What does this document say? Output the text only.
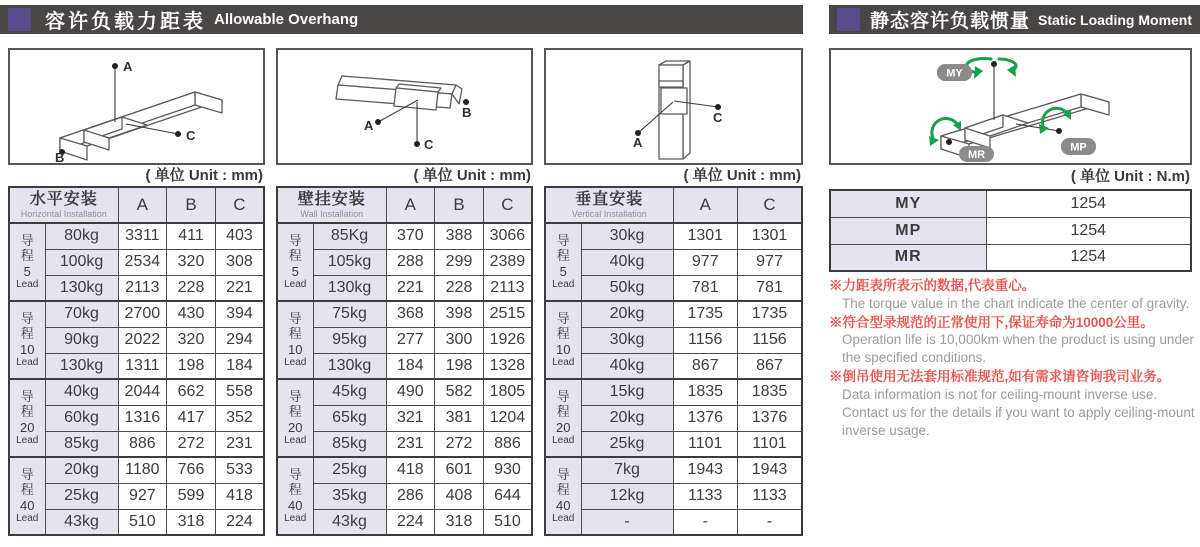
容许负载力距表 Allowable Overhang	静态容许负载惯量 Static Loading Moment
A
B
C
( 单位 Unit : mm)
水平安装
Horizontal Installation		A	B	C

导程
5
Lead	80kg	3311	411	403
	100kg	2534	320	308
	130kg	2113	228	221

导程
10
Lead	70kg	2700	430	394
	90kg	2022	320	294
	130kg	1311	198	184

导程
20
Lead	40kg	2044	662	558
	60kg	1316	417	352
	85kg	886	272	231

导程
40
Lead	20kg	1180	766	533
	25kg	927	599	418
	43kg	510	318	224
A
B
C
( 单位 Unit : mm)
壁挂安装
Wall Installation		A	B	C

导程
5
Lead	85Kg	370	388	3066
	105kg	288	299	2389
	130kg	221	228	2113

导程
10
Lead	75kg	368	398	2515
	95kg	277	300	1926
	130kg	184	198	1328

导程
20
Lead	45kg	490	582	1805
	65kg	321	381	1204
	85kg	231	272	886

导程
40
Lead	25kg	418	601	930
	35kg	286	408	644
	43kg	224	318	510
A
C
( 单位 Unit : mm)
垂直安装
Vertical Installation		A	C

导程
5
Lead	30kg	1301	1301
	40kg	977	977
	50kg	781	781

导程
10
Lead	20kg	1735	1735
	30kg	1156	1156
	40kg	867	867

导程
20
Lead	15kg	1835	1835
	20kg	1376	1376
	25kg	1101	1101

导程
40
Lead	7kg	1943	1943
	12kg	1133	1133
	-	-	-
MY
MP
MR
( 单位 Unit : N.m)
MY	1254
MP	1254
MR	1254
※力距表所表示的数据,代表重心。
The torque value in the chart indicate the center of gravity.
※符合型录规范的正常使用下,保证寿命为10000公里。
Operation life is 10,000km when the product is using under the specified conditions.
※倒吊使用无法套用标准规范,如有需求请咨询我司业务。
Data information is not for ceiling-mount inverse use. Contact us for the details if you want to apply ceiling-mount inverse usage.
